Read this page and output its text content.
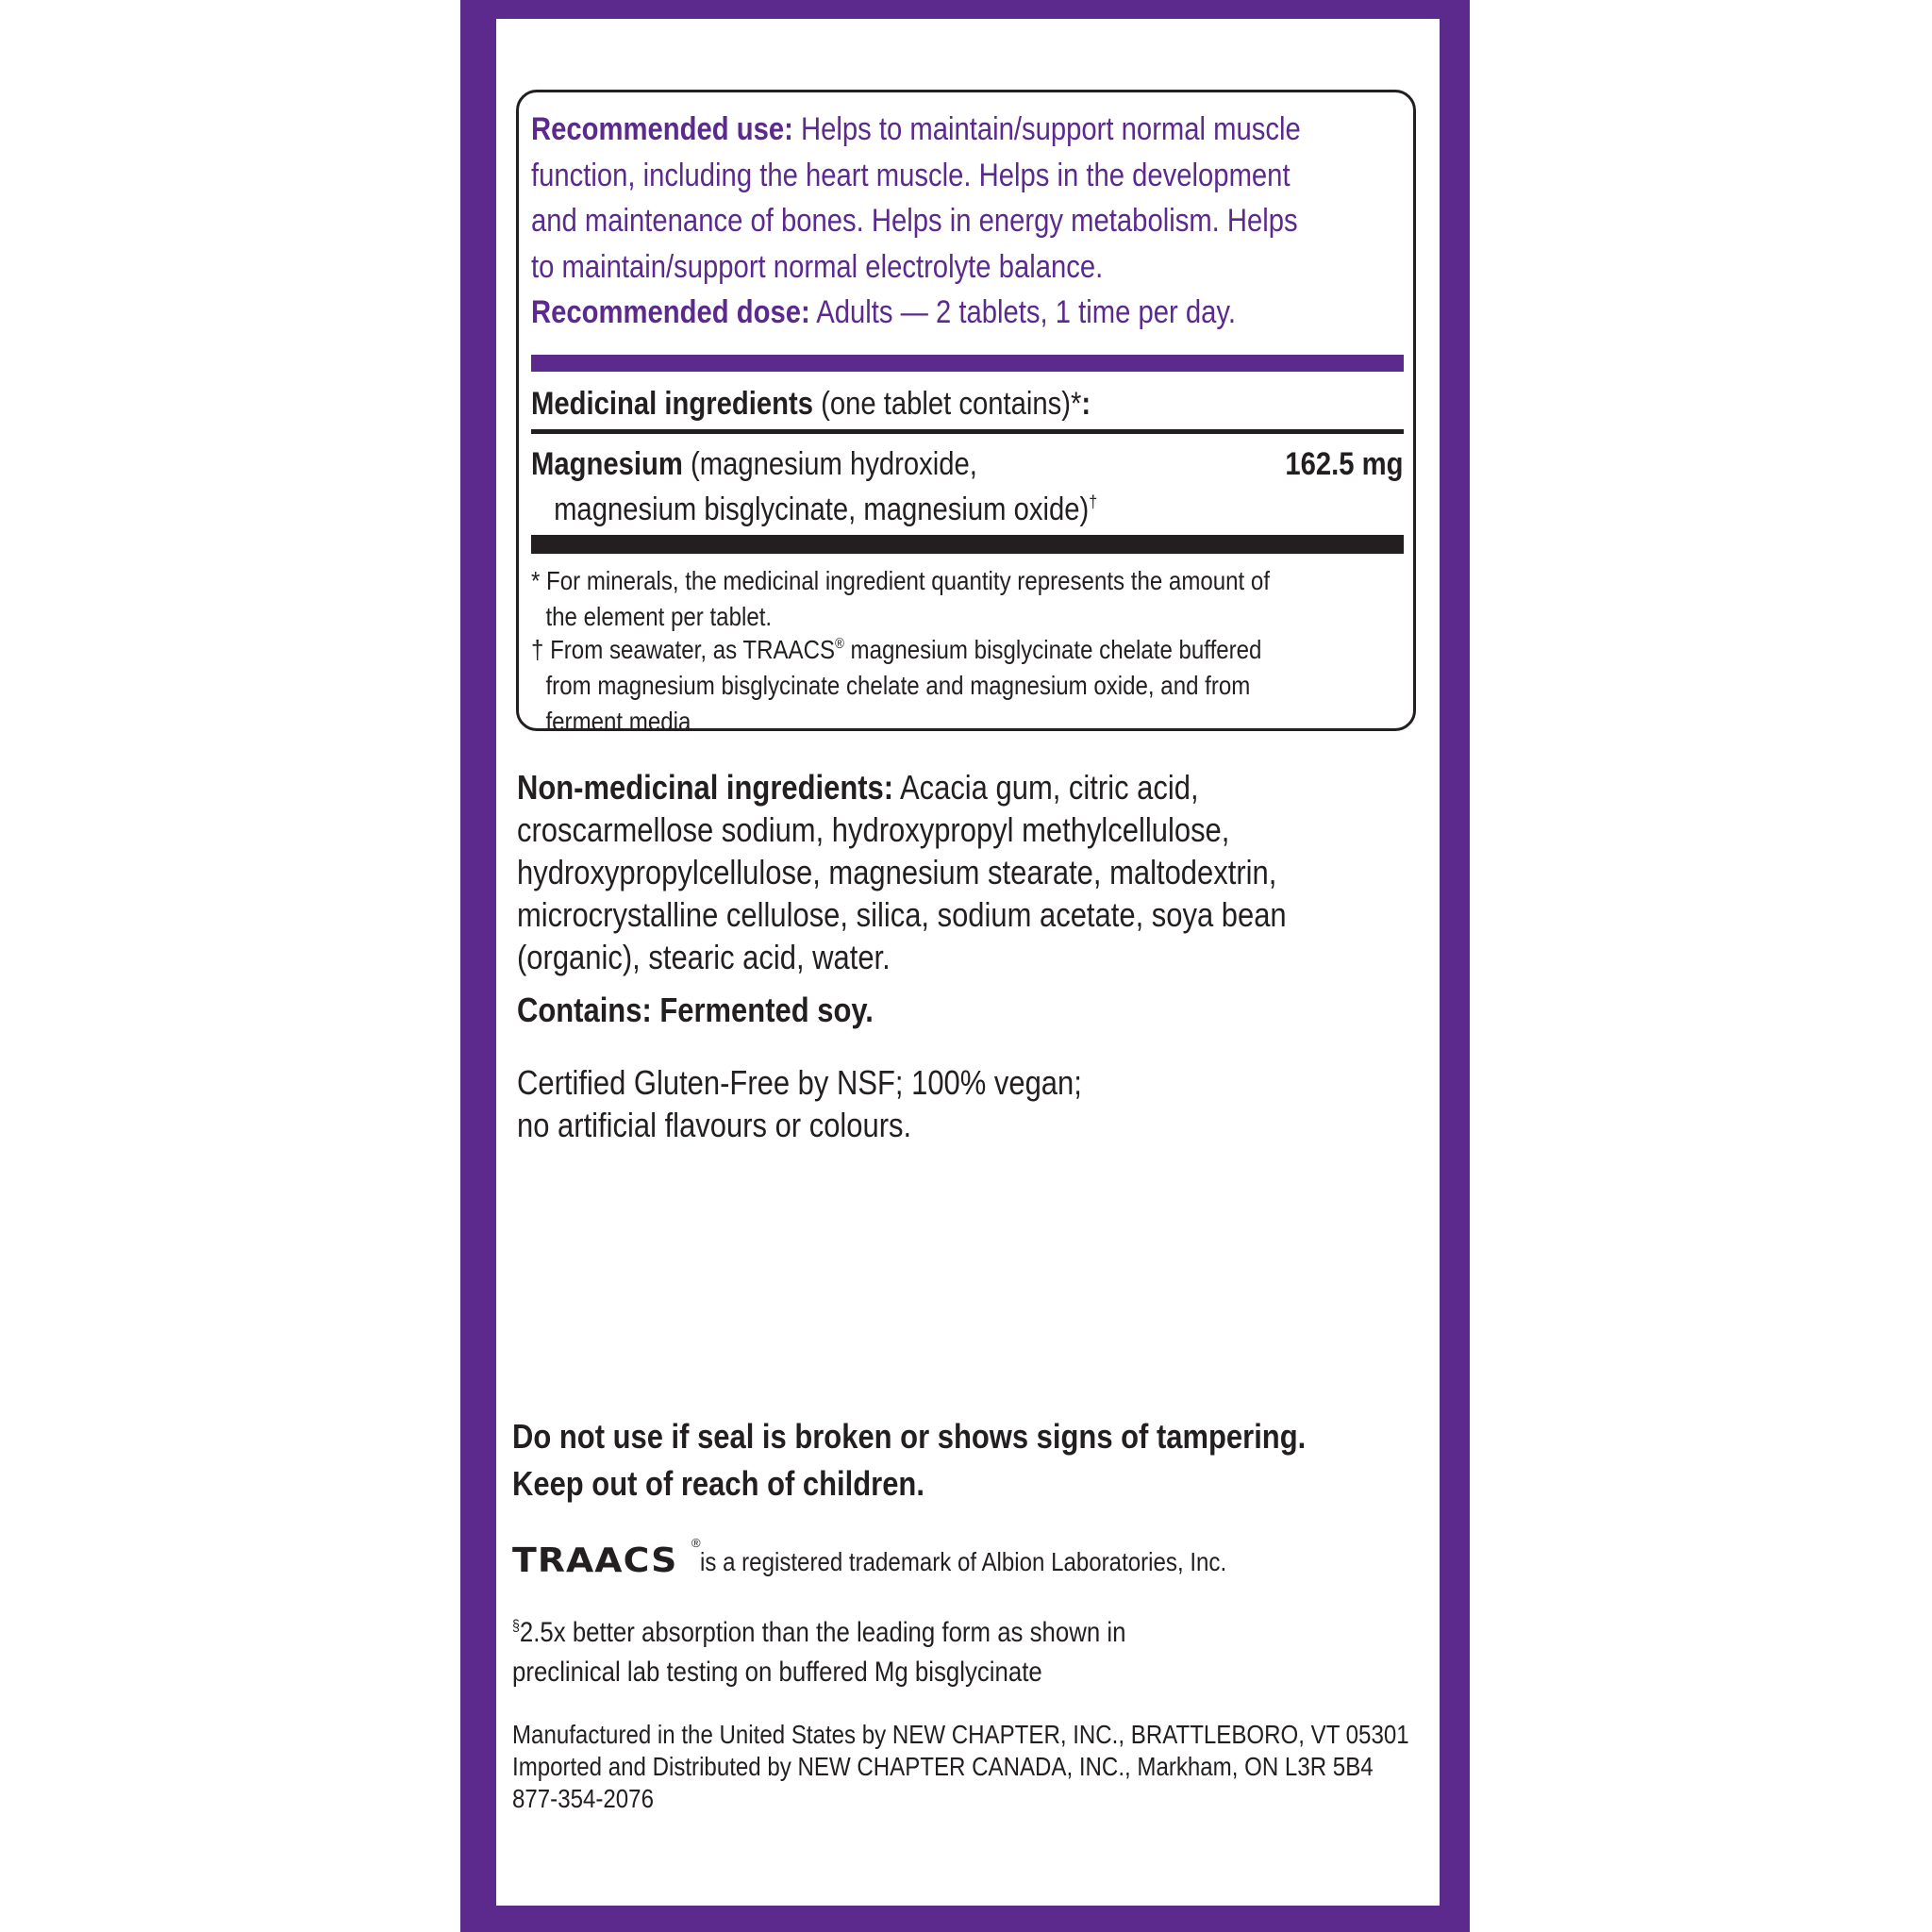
Recommended use: Helps to maintain/support normal muscle
function, including the heart muscle. Helps in the development
and maintenance of bones. Helps in energy metabolism. Helps
to maintain/support normal electrolyte balance.
Recommended dose: Adults — 2 tablets, 1 time per day.
Medicinal ingredients (one tablet contains)*:
Magnesium (magnesium hydroxide,
magnesium bisglycinate, magnesium oxide)†
162.5 mg
* For minerals, the medicinal ingredient quantity represents the amount of
the element per tablet.
† From seawater, as TRAACS® magnesium bisglycinate chelate buffered
from magnesium bisglycinate chelate and magnesium oxide, and from
ferment media
Non-medicinal ingredients: Acacia gum, citric acid,
croscarmellose sodium, hydroxypropyl methylcellulose,
hydroxypropylcellulose, magnesium stearate, maltodextrin,
microcrystalline cellulose, silica, sodium acetate, soya bean
(organic), stearic acid, water.
Contains: Fermented soy.
Certified Gluten-Free by NSF; 100% vegan;
no artificial flavours or colours.
Do not use if seal is broken or shows signs of tampering.
Keep out of reach of children.
TRAACS ®
is a registered trademark of Albion Laboratories, Inc.
§2.5x better absorption than the leading form as shown in
preclinical lab testing on buffered Mg bisglycinate
Manufactured in the United States by NEW CHAPTER, INC., BRATTLEBORO, VT 05301
Imported and Distributed by NEW CHAPTER CANADA, INC., Markham, ON L3R 5B4
877-354-2076
